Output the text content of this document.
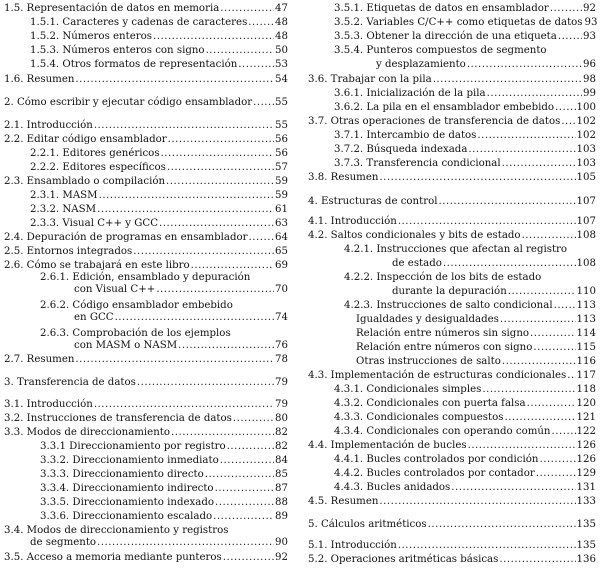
1.5. Representación de datos en memoria .....	47
1.5.1. Caracteres y cadenas de caracteres .....	48
1.5.2. Números enteros .....	48
1.5.3. Números enteros con signo .....	50
1.5.4. Otros formatos de representación .....	53
1.6. Resumen .....	54
2. Cómo escribir y ejecutar código ensamblador ..... 55
2.1. Introducción .....	55
2.2. Editar código ensamblador .....	56
2.2.1. Editores genéricos .....	56
2.2.2. Editores específicos .....	57
2.3. Ensamblado o compilación .....	59
2.3.1. MASM .....	59
2.3.2. NASM .....	61
2.3.3. Visual C++ y GCC .....	63
2.4. Depuración de programas en ensamblador .....	64
2.5. Entornos integrados .....	65
2.6. Cómo se trabajará en este libro .....	69
2.6.1. Edición, ensamblado y depuración
con Visual C++ .....	70
2.6.2. Código ensamblador embebido
en GCC .....	74
2.6.3. Comprobación de los ejemplos
con MASM o NASM .....	76
2.7. Resumen .....	78
3. Transferencia de datos .....	79
3.1. Introducción .....	79
3.2. Instrucciones de transferencia de datos .....	80
3.3. Modos de direccionamiento .....	82
3.3.1 Direccionamiento por registro .....	82
3.3.2. Direccionamiento inmediato .....	84
3.3.3. Direccionamiento directo .....	85
3.3.4. Direccionamiento indirecto .....	87
3.3.5. Direccionamiento indexado .....	88
3.3.6. Direccionamiento escalado .....	89
3.4. Modos de direccionamiento y registros
de segmento .....	90
3.5. Acceso a memoria mediante punteros .....	92
3.5.1. Etiquetas de datos en ensamblador .....	92
3.5.2. Variables C/C++ como etiquetas de datos 93
3.5.3. Obtener la dirección de una etiqueta .....	93
3.5.4. Punteros compuestos de segmento
y desplazamiento .....	96
3.6. Trabajar con la pila .....	98
3.6.1. Inicialización de la pila .....	99
3.6.2. La pila en el ensamblador embebido ..... 100
3.7. Otras operaciones de transferencia de datos ..... 102
3.7.1. Intercambio de datos .....	102
3.7.2. Búsqueda indexada .....	103
3.7.3. Transferencia condicional .....	103
3.8. Resumen .....	105
4. Estructuras de control .....	107
4.1. Introducción .....	107
4.2. Saltos condicionales y bits de estado .....	108
4.2.1. Instrucciones que afectan al registro
de estado .....	108
4.2.2. Inspección de los bits de estado
durante la depuración .....	110
4.2.3. Instrucciones de salto condicional ..... 113
Igualdades y desigualdades .....	113
Relación entre números sin signo .....	114
Relación entre números con signo .....	115
Otras instrucciones de salto .....	116
4.3. Implementación de estructuras condicionales ..... 117
4.3.1. Condicionales simples .....	118
4.3.2. Condicionales con puerta falsa .....	120
4.3.3. Condicionales compuestos .....	121
4.3.4. Condicionales con operando común .....	122
4.4. Implementación de bucles .....	126
4.4.1. Bucles controlados por condición .....	126
4.4.2. Bucles controlados por contador .....	129
4.4.3. Bucles anidados .....	131
4.5. Resumen .....	133
5. Cálculos aritméticos .....	135
5.1. Introducción .....	135
5.2. Operaciones aritméticas básicas .....	136
